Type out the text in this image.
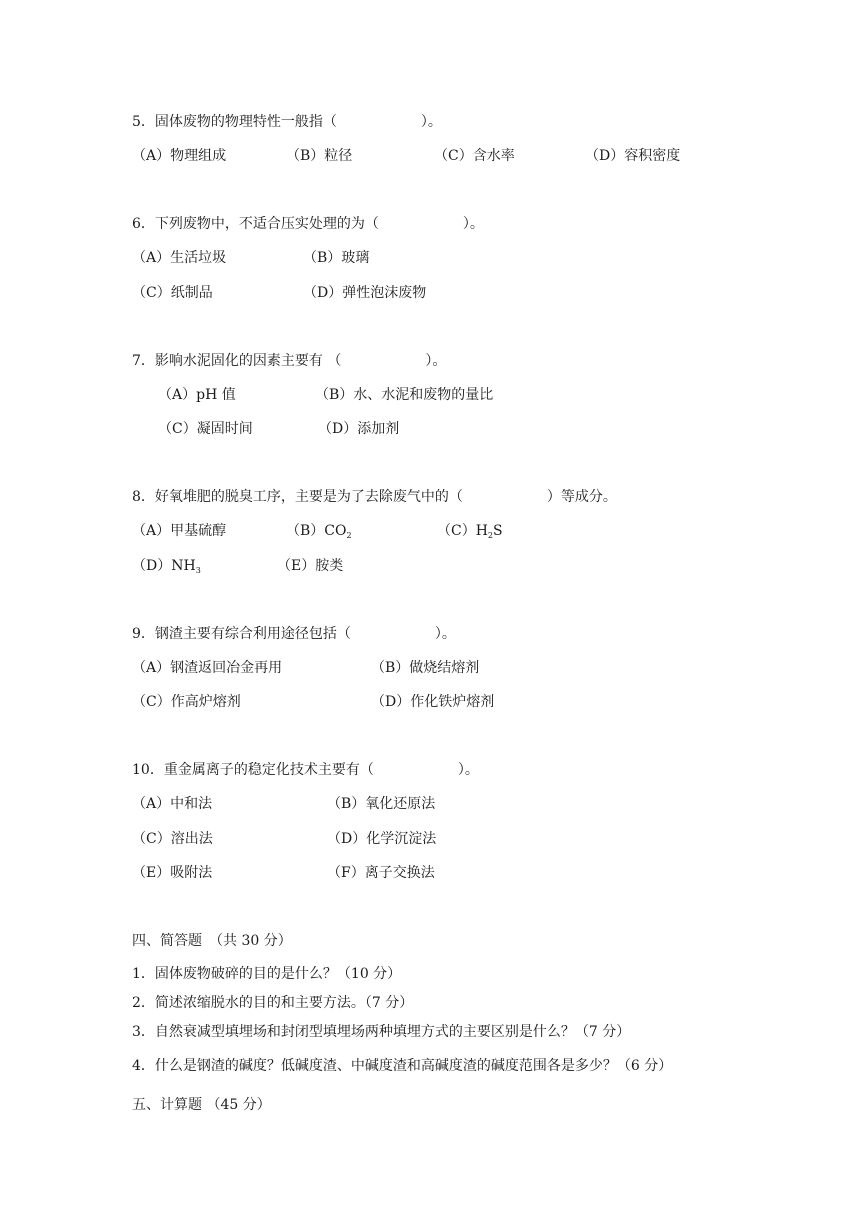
5．固体废物的物理特性一般指（　　　　　　）。
（A）物理组成	（B）粒径	（C）含水率	（D）容积密度
6．下列废物中，不适合压实处理的为（　　　　　　）。
（A）生活垃圾	（B）玻璃
（C）纸制品	（D）弹性泡沫废物
7．影响水泥固化的因素主要有 （　　　　　　）。
（A）pH 值	（B）水、水泥和废物的量比
（C）凝固时间	（D）添加剂
8．好氧堆肥的脱臭工序，主要是为了去除废气中的（　　　　　　）等成分。
（A）甲基硫醇	$(B)CO_2$	$(C)H_2S$
$(D)NH_3$	（E）胺类
9．钢渣主要有综合利用途径包括（　　　　　　）。
（A）钢渣返回冶金再用	（B）做烧结熔剂
（C）作高炉熔剂	（D）作化铁炉熔剂
10．重金属离子的稳定化技术主要有（　　　　　　）。
（A）中和法	（B）氧化还原法
（C）溶出法	（D）化学沉淀法
（E）吸附法	（F）离子交换法
四、简答题　（共 30 分）
1．固体废物破碎的目的是什么？（10 分）
2．简述浓缩脱水的目的和主要方法。（7 分）
3．自然衰减型填埋场和封闭型填埋场两种填埋方式的主要区别是什么？（7 分）
4．什么是钢渣的碱度？低碱度渣、中碱度渣和高碱度渣的碱度范围各是多少？（6 分）
五、计算题 （45 分）
